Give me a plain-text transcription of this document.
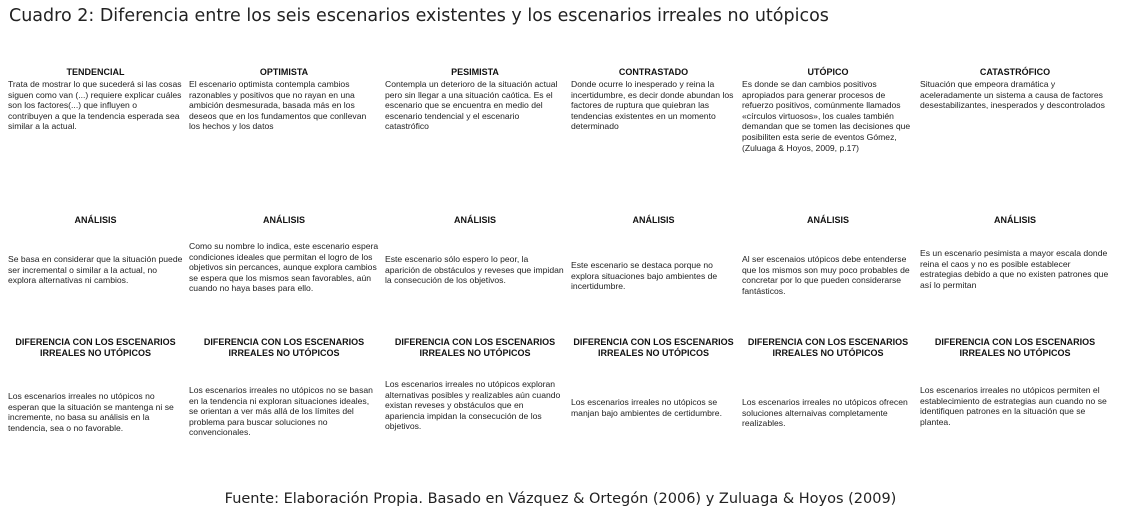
Cuadro 2: Diferencia entre los seis escenarios existentes y los escenarios irreales no utópicos
TENDENCIAL
Trata de mostrar lo que sucederá si las cosas siguen como van (...) requiere explicar cuáles son los factores(...) que influyen o contribuyen a que la tendencia esperada sea similar a la actual.
OPTIMISTA
El escenario optimista contempla cambios razonables y positivos que no rayan en una ambición desmesurada, basada más en los deseos que en los fundamentos que conllevan los hechos y los datos
PESIMISTA
Contempla un deterioro de la situación actual pero sin llegar a una situación caótica. Es el escenario que se encuentra en medio del escenario tendencial y el escenario catastrófico
CONTRASTADO
Donde ocurre lo inesperado y reina la incertidumbre, es decir donde abundan los factores de ruptura que quiebran las tendencias existentes en un momento determinado
UTÓPICO
Es donde se dan cambios positivos apropiados para generar procesos de refuerzo positivos, comúnmente llamados «círculos virtuosos», los cuales también demandan que se tomen las decisiones que posibiliten esta serie de eventos Gómez, (Zuluaga & Hoyos, 2009, p.17)
CATASTRÓFICO
Situación que empeora dramática y aceleradamente un sistema a causa de factores desestabilizantes, inesperados y descontrolados
ANÁLISIS
Se basa en considerar que la situación puede ser incremental o similar a la actual, no explora alternativas ni cambios.
ANÁLISIS
Como su nombre lo indica, este escenario espera condiciones ideales que permitan el logro de los objetivos sin percances, aunque explora cambios se espera que los mismos sean favorables, aún cuando no haya bases para ello.
ANÁLISIS
Este escenario sólo espero lo peor, la aparición de obstáculos y reveses que impidan la consecución de los objetivos.
ANÁLISIS
Este escenario se destaca porque no explora situaciones bajo ambientes de incertidumbre.
ANÁLISIS
Al ser escenaios utópicos debe entenderse que los mismos son muy poco probables de concretar por lo que pueden considerarse fantásticos.
ANÁLISIS
Es un escenario pesimista a mayor escala donde reina el caos y no es posible establecer estrategias debido a que no existen patrones que así lo permitan
DIFERENCIA CON LOS ESCENARIOS IRREALES NO UTÓPICOS
Los escenarios irreales no utópicos no esperan que la situación se mantenga ni se incremente, no basa su análisis en la tendencia, sea o no favorable.
DIFERENCIA CON LOS ESCENARIOS IRREALES NO UTÓPICOS
Los escenarios irreales no utópicos no se basan en la tendencia ni exploran situaciones ideales, se orientan a ver más allá de los límites del problema para buscar soluciones no convencionales.
DIFERENCIA CON LOS ESCENARIOS IRREALES NO UTÓPICOS
Los escenarios irreales no utópicos exploran alternativas posibles y realizables aún cuando existan reveses y obstáculos que en apariencia impidan la consecución de los objetivos.
DIFERENCIA CON LOS ESCENARIOS IRREALES NO UTÓPICOS
Los escenarios irreales no utópicos se manjan bajo ambientes de certidumbre.
DIFERENCIA CON LOS ESCENARIOS IRREALES NO UTÓPICOS
Los escenarios irreales no utópicos ofrecen soluciones alternaivas completamente realizables.
DIFERENCIA CON LOS ESCENARIOS IRREALES NO UTÓPICOS
Los escenarios irreales no utópicos permiten el establecimiento de estrategias aun cuando no se identifiquen patrones en la situación que se plantea.
Fuente: Elaboración Propia. Basado en Vázquez & Ortegón (2006) y Zuluaga & Hoyos (2009)
